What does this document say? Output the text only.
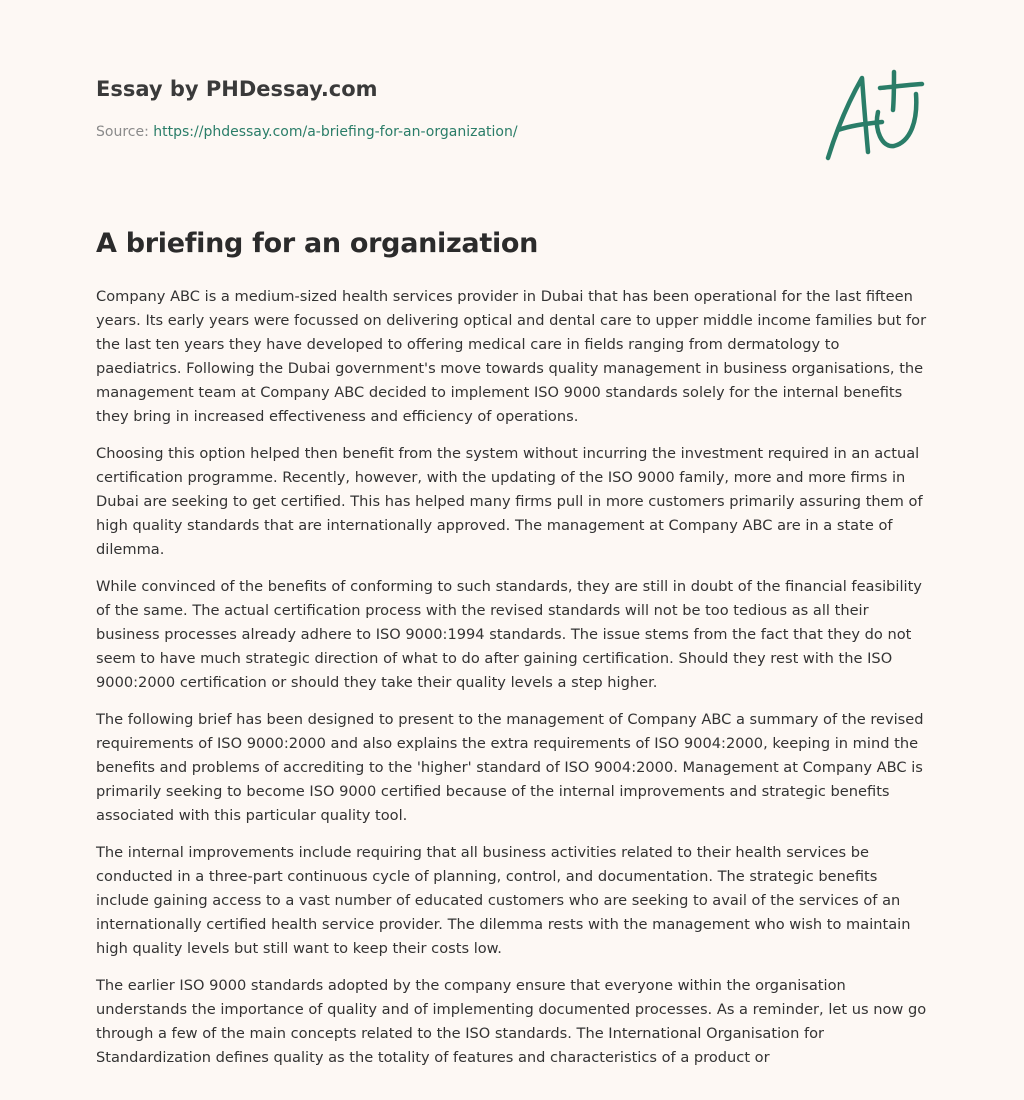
Essay by PHDessay.com
Source: https://phdessay.com/a-briefing-for-an-organization/
A briefing for an organization

Company ABC is a medium-sized health services provider in Dubai that has been operational for the last fifteen years. Its early years were focussed on delivering optical and dental care to upper middle income families but for the last ten years they have developed to offering medical care in fields ranging from dermatology to paediatrics. Following the Dubai government's move towards quality management in business organisations, the management team at Company ABC decided to implement ISO 9000 standards solely for the internal benefits they bring in increased effectiveness and efficiency of operations.

Choosing this option helped then benefit from the system without incurring the investment required in an actual certification programme. Recently, however, with the updating of the ISO 9000 family, more and more firms in Dubai are seeking to get certified. This has helped many firms pull in more customers primarily assuring them of high quality standards that are internationally approved. The management at Company ABC are in a state of dilemma.

While convinced of the benefits of conforming to such standards, they are still in doubt of the financial feasibility of the same. The actual certification process with the revised standards will not be too tedious as all their business processes already adhere to ISO 9000:1994 standards. The issue stems from the fact that they do not seem to have much strategic direction of what to do after gaining certification. Should they rest with the ISO 9000:2000 certification or should they take their quality levels a step higher.

The following brief has been designed to present to the management of Company ABC a summary of the revised requirements of ISO 9000:2000 and also explains the extra requirements of ISO 9004:2000, keeping in mind the benefits and problems of accrediting to the 'higher' standard of ISO 9004:2000. Management at Company ABC is primarily seeking to become ISO 9000 certified because of the internal improvements and strategic benefits associated with this particular quality tool.

The internal improvements include requiring that all business activities related to their health services be conducted in a three-part continuous cycle of planning, control, and documentation. The strategic benefits include gaining access to a vast number of educated customers who are seeking to avail of the services of an internationally certified health service provider. The dilemma rests with the management who wish to maintain high quality levels but still want to keep their costs low.

The earlier ISO 9000 standards adopted by the company ensure that everyone within the organisation understands the importance of quality and of implementing documented processes. As a reminder, let us now go through a few of the main concepts related to the ISO standards. The International Organisation for Standardization defines quality as the totality of features and characteristics of a product or
